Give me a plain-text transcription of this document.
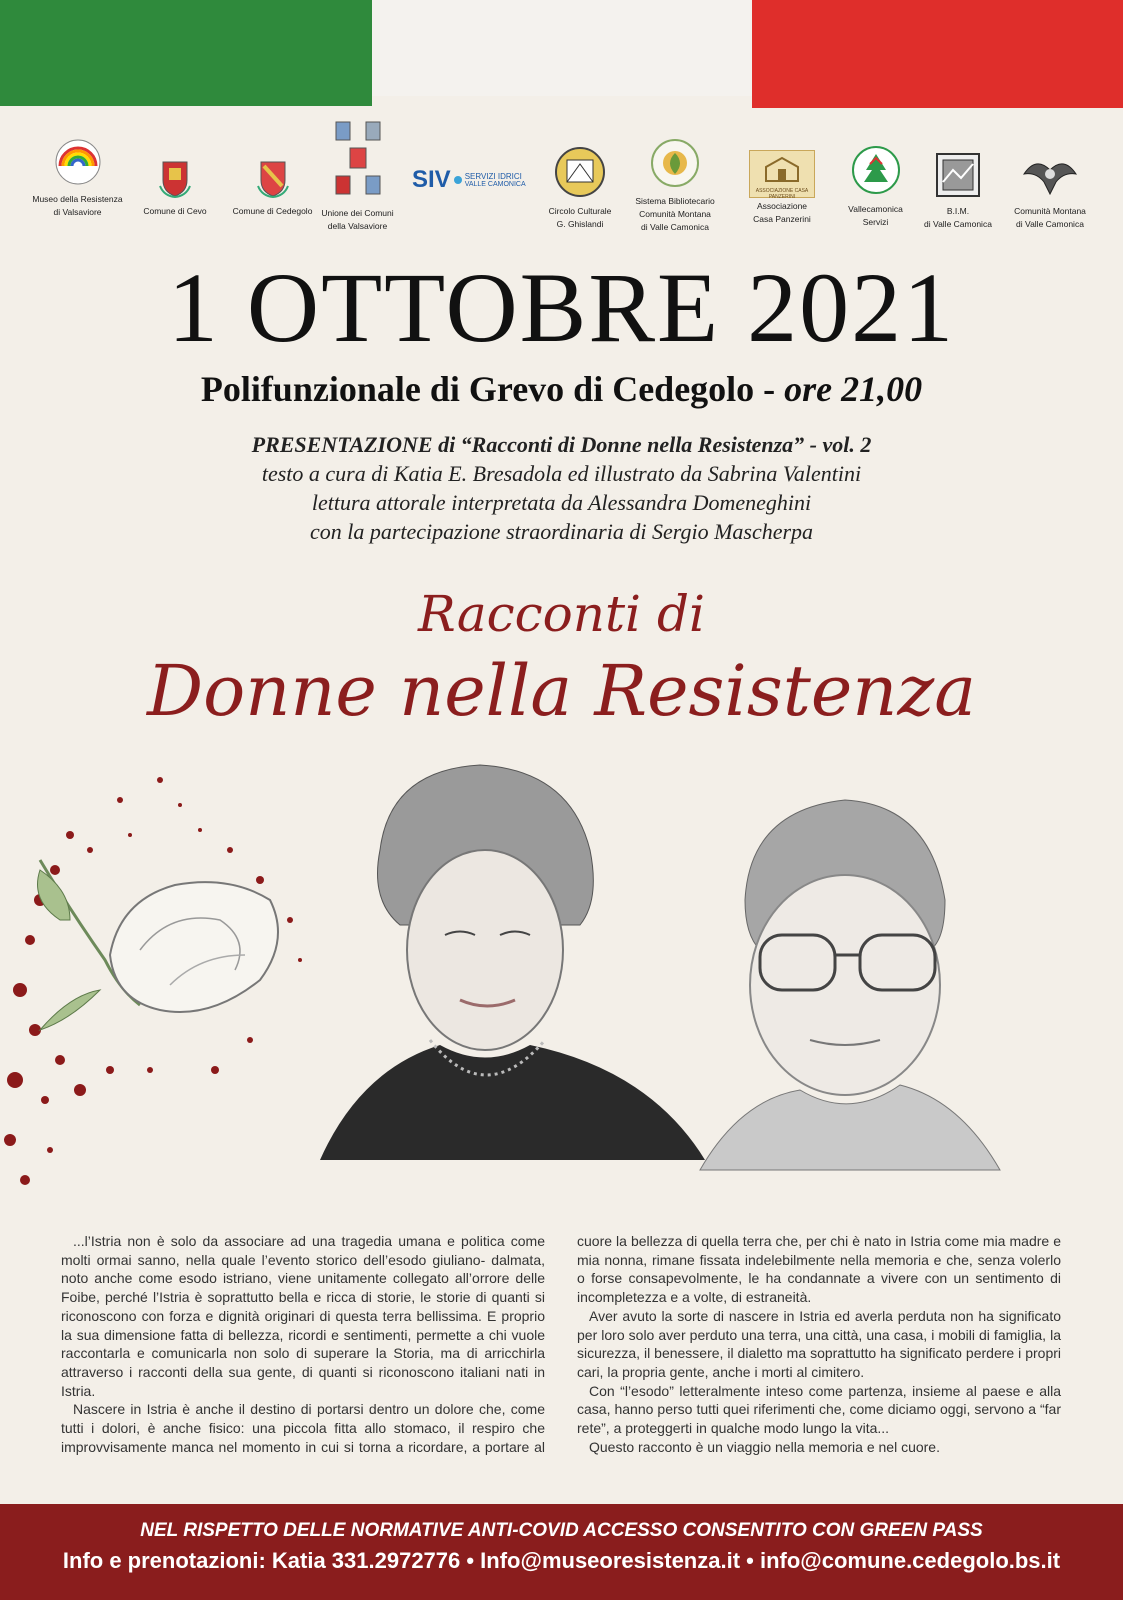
Museo della Resistenza
di Valsaviore	Comune di Cevo	Comune di Cedegolo	Unione dei Comuni
della Valsaviore
SIV SERVIZI IDRICI
VALLE CAMONICA
Circolo Culturale
G. Ghislandi
Sistema Bibliotecario
Comunità Montana
di Valle Camonica
ASSOCIAZIONE CASA PANZERINI
Associazione
Casa Panzerini
Vallecamonica
Servizi
B.I.M.
di Valle Camonica
Comunità Montana
di Valle Camonica
1 OTTOBRE 2021
Polifunzionale di Grevo di Cedegolo - ore 21,00
PRESENTAZIONE di “Racconti di Donne nella Resistenza” - vol. 2
testo a cura di Katia E. Bresadola ed illustrato da Sabrina Valentini
lettura attorale interpretata da Alessandra Domeneghini
con la partecipazione straordinaria di Sergio Mascherpa
Racconti di
Donne nella Resistenza

...l’Istria non è solo da associare ad una tragedia umana e politica come molti ormai sanno, nella quale l’evento storico dell’esodo giuliano- dalmata, noto anche come esodo istriano, viene unitamente collegato all’orrore delle Foibe, perché l’Istria è soprattutto bella e ricca di storie, le storie di quanti si riconoscono con forza e dignità originari di questa terra bellissima. E proprio la sua dimensione fatta di bellezza, ricordi e sentimenti, permette a chi vuole raccontarla e comunicarla non solo di superare la Storia, ma di arricchirla attraverso i racconti della sua gente, di quanti si riconoscono italiani nati in Istria.

Nascere in Istria è anche il destino di portarsi dentro un dolore che, come tutti i dolori, è anche fisico: una piccola fitta allo stomaco, il respiro che improvvisamente manca nel momento in cui si torna a ricordare, a portare al cuore la bellezza di quella terra che, per chi è nato in Istria come mia madre e mia nonna, rimane fissata indelebilmente nella memoria e che, senza volerlo o forse consapevolmente, le ha condannate a vivere con un sentimento di incompletezza e a volte, di estraneità.

Aver avuto la sorte di nascere in Istria ed averla perduta non ha significato per loro solo aver perduto una terra, una città, una casa, i mobili di famiglia, la sicurezza, il benessere, il dialetto ma soprattutto ha significato perdere i propri cari, la propria gente, anche i morti al cimitero.

Con “l’esodo” letteralmente inteso come partenza, insieme al paese e alla casa, hanno perso tutti quei riferimenti che, come diciamo oggi, servono a “far rete”, a proteggerti in qualche modo lungo la vita...

Questo racconto è un viaggio nella memoria e nel cuore.

NEL RISPETTO DELLE NORMATIVE ANTI-COVID ACCESSO CONSENTITO CON GREEN PASS
Info e prenotazioni: Katia 331.2972776 • Info@museoresistenza.it • info@comune.cedegolo.bs.it
